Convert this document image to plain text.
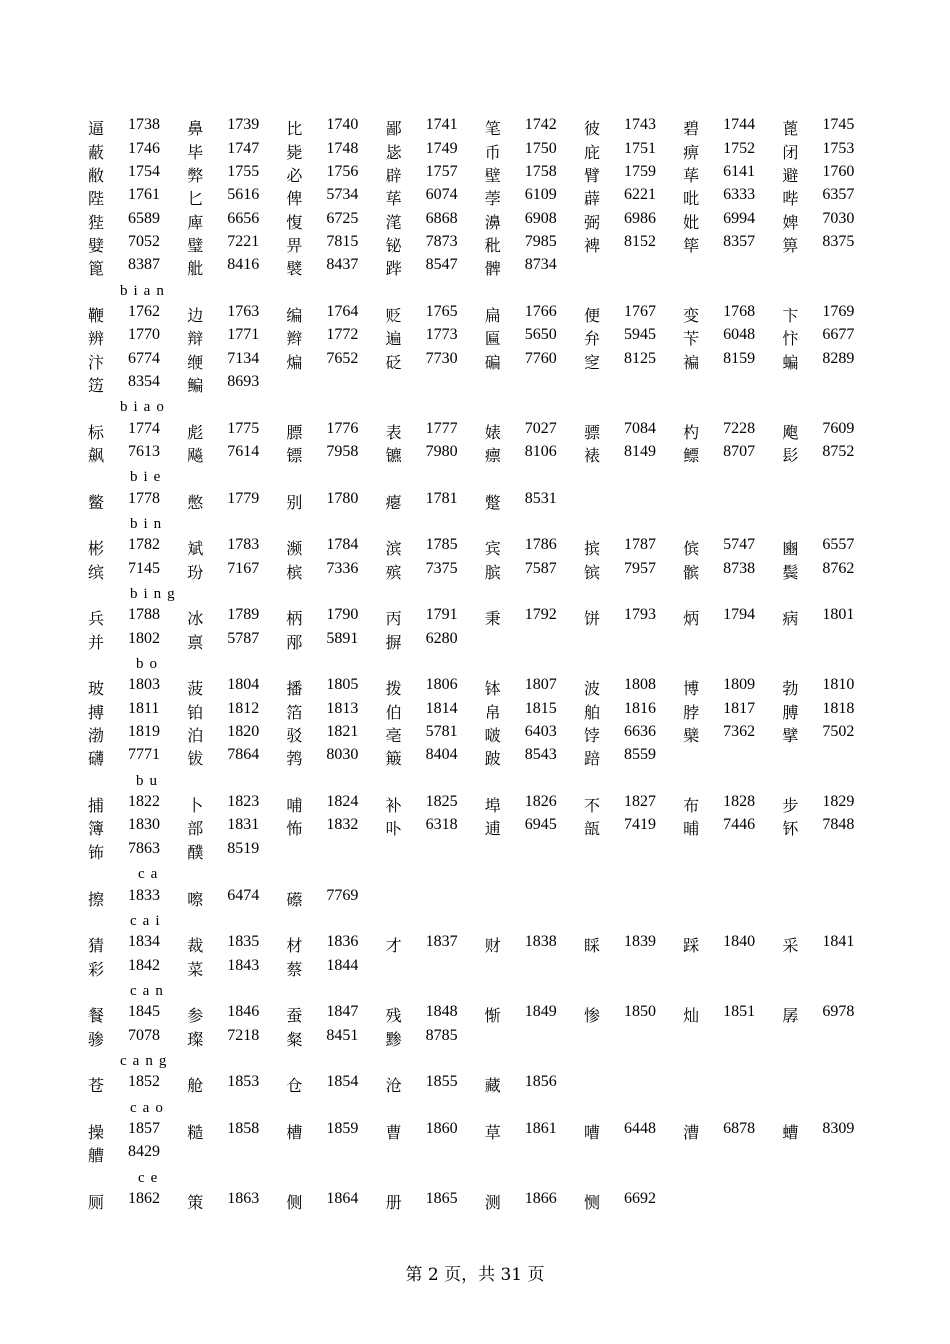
逼	1738 鼻	1739 比	1740 鄙	1741 笔	1742 彼	1743 碧	1744 蓖	1745
蔽	1746 毕	1747 毙	1748 毖	1749 币	1750 庇	1751 痹	1752 闭	1753
敝	1754 弊	1755 必	1756 辟	1757 壁	1758 臂	1759 荜	6141 避	1760
陛	1761 匕	5616 俾	5734 荜	6074 荸	6109 薜	6221 吡	6333 哔	6357
狴	6589 庳	6656 愎	6725 滗	6868 濞	6908 弼	6986 妣	6994 婢	7030
嬖	7052 璧	7221 畀	7815 铋	7873 秕	7985 裨	8152 筚	8357 箅	8375
篦	8387 舭	8416 襞	8437 跸	8547 髀	8734
bian
鞭	1762 边	1763 编	1764 贬	1765 扁	1766 便	1767 变	1768 卞	1769
辨	1770 辩	1771 辫	1772 遍	1773 匾	5650 弁	5945 苄	6048 忭	6677
汴	6774 缏	7134 煸	7652 砭	7730 碥	7760 窆	8125 褊	8159 蝙	8289
笾	8354 鳊	8693
biao
标	1774 彪	1775 膘	1776 表	1777 婊	7027 骠	7084 杓	7228 飑	7609
飙	7613 飚	7614 镖	7958 镳	7980 瘭	8106 裱	8149 鳔	8707 髟	8752
bie
鳖	1778 憋	1779 别	1780 瘪	1781 蹩	8531
bin
彬	1782 斌	1783 濒	1784 滨	1785 宾	1786 摈	1787 傧	5747 豳	6557
缤	7145 玢	7167 槟	7336 殡	7375 膑	7587 镔	7957 髌	8738 鬓	8762
bing
兵	1788 冰	1789 柄	1790 丙	1791 秉	1792 饼	1793 炳	1794 病	1801
并	1802 禀	5787 邴	5891 摒	6280
bo
玻	1803 菠	1804 播	1805 拨	1806 钵	1807 波	1808 博	1809 勃	1810
搏	1811 铂	1812 箔	1813 伯	1814 帛	1815 舶	1816 脖	1817 膊	1818
渤	1819 泊	1820 驳	1821 亳	5781 啵	6403 饽	6636 檗	7362 擘	7502
礴	7771 钹	7864 鹁	8030 簸	8404 跛	8543 踣	8559
bu
捕	1822 卜	1823 哺	1824 补	1825 埠	1826 不	1827 布	1828 步	1829
簿	1830 部	1831 怖	1832 卟	6318 逋	6945 瓿	7419 晡	7446 钚	7848
钸	7863 醭	8519
ca
擦	1833 嚓	6474 礤	7769
cai
猜	1834 裁	1835 材	1836 才	1837 财	1838 睬	1839 踩	1840 采	1841
彩	1842 菜	1843 蔡	1844
can
餐	1845 参	1846 蚕	1847 残	1848 惭	1849 惨	1850 灿	1851 孱	6978
骖	7078 璨	7218 粲	8451 黪	8785
cang
苍	1852 舱	1853 仓	1854 沧	1855 藏	1856
cao
操	1857 糙	1858 槽	1859 曹	1860 草	1861 嘈	6448 漕	6878 螬	8309
艚	8429
ce
厕	1862 策	1863 侧	1864 册	1865 测	1866 恻	6692
第 2 页，共 31 页
